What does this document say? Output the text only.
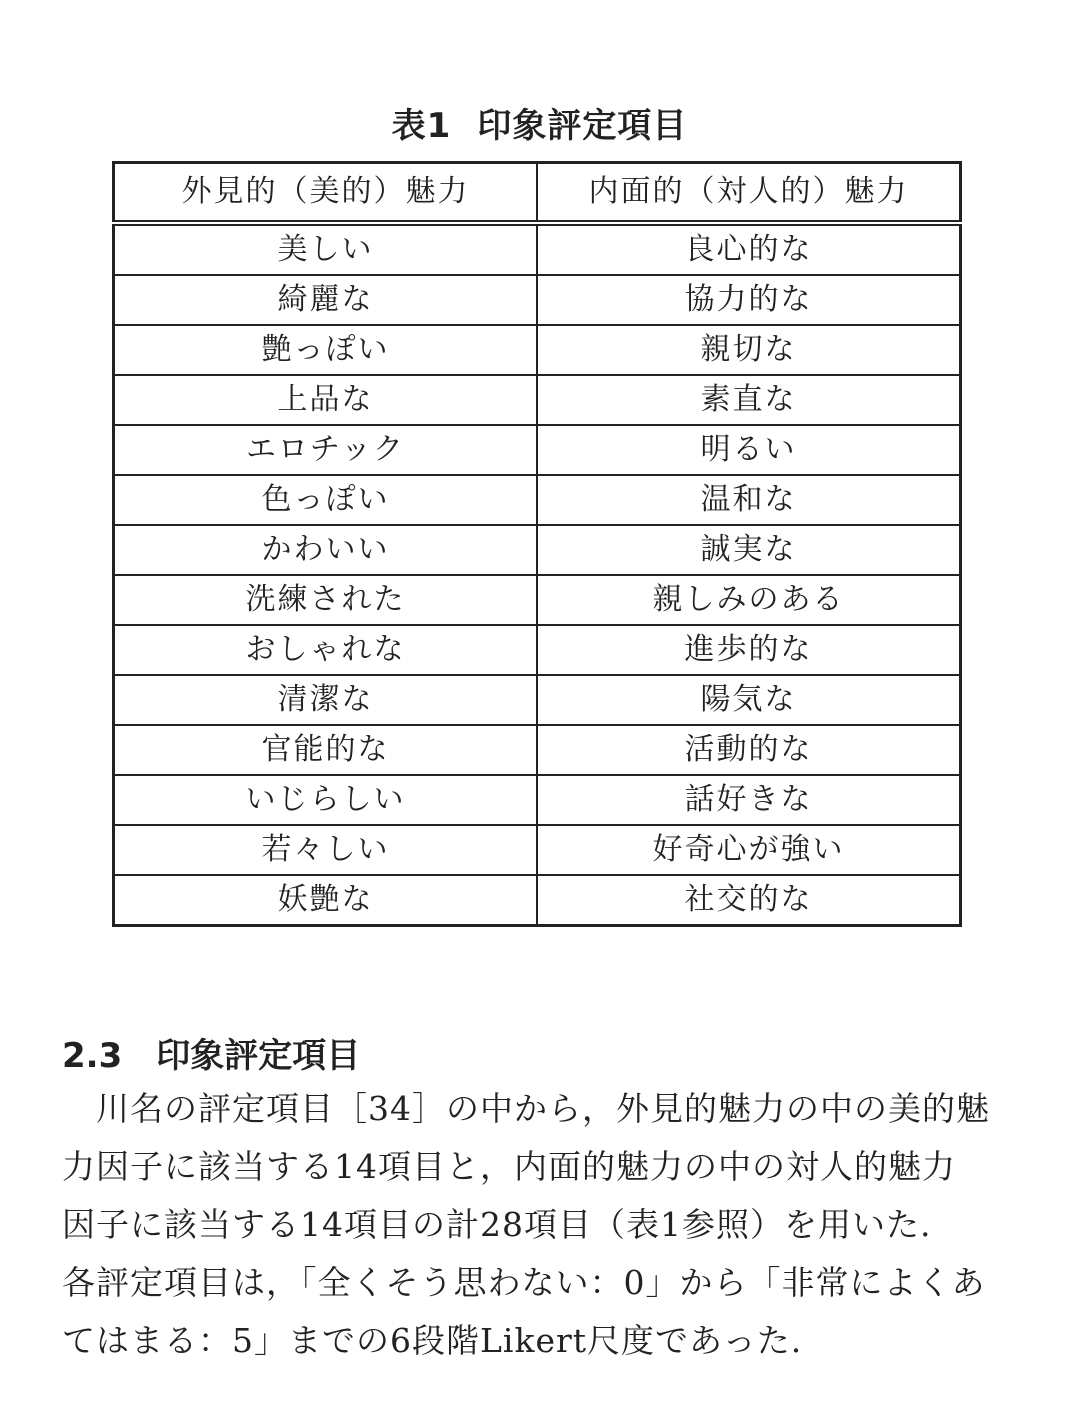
表1 印象評定項目
外見的（美的）魅力	内面的（対人的）魅力
美しい	良心的な
綺麗な	協力的な
艶っぽい	親切な
上品な	素直な
エロチック	明るい
色っぽい	温和な
かわいい	誠実な
洗練された	親しみのある
おしゃれな	進歩的な
清潔な	陽気な
官能的な	活動的な
いじらしい	話好きな
若々しい	好奇心が強い
妖艶な	社交的な
2.3 印象評定項目
川名の評定項目［34］の中から，外見的魅力の中の美的魅
力因子に該当する14項目と，内面的魅力の中の対人的魅力
因子に該当する14項目の計28項目（表1参照）を用いた.
各評定項目は，「全くそう思わない：0」から「非常によくあ
てはまる：5」までの6段階Likert尺度であった.
